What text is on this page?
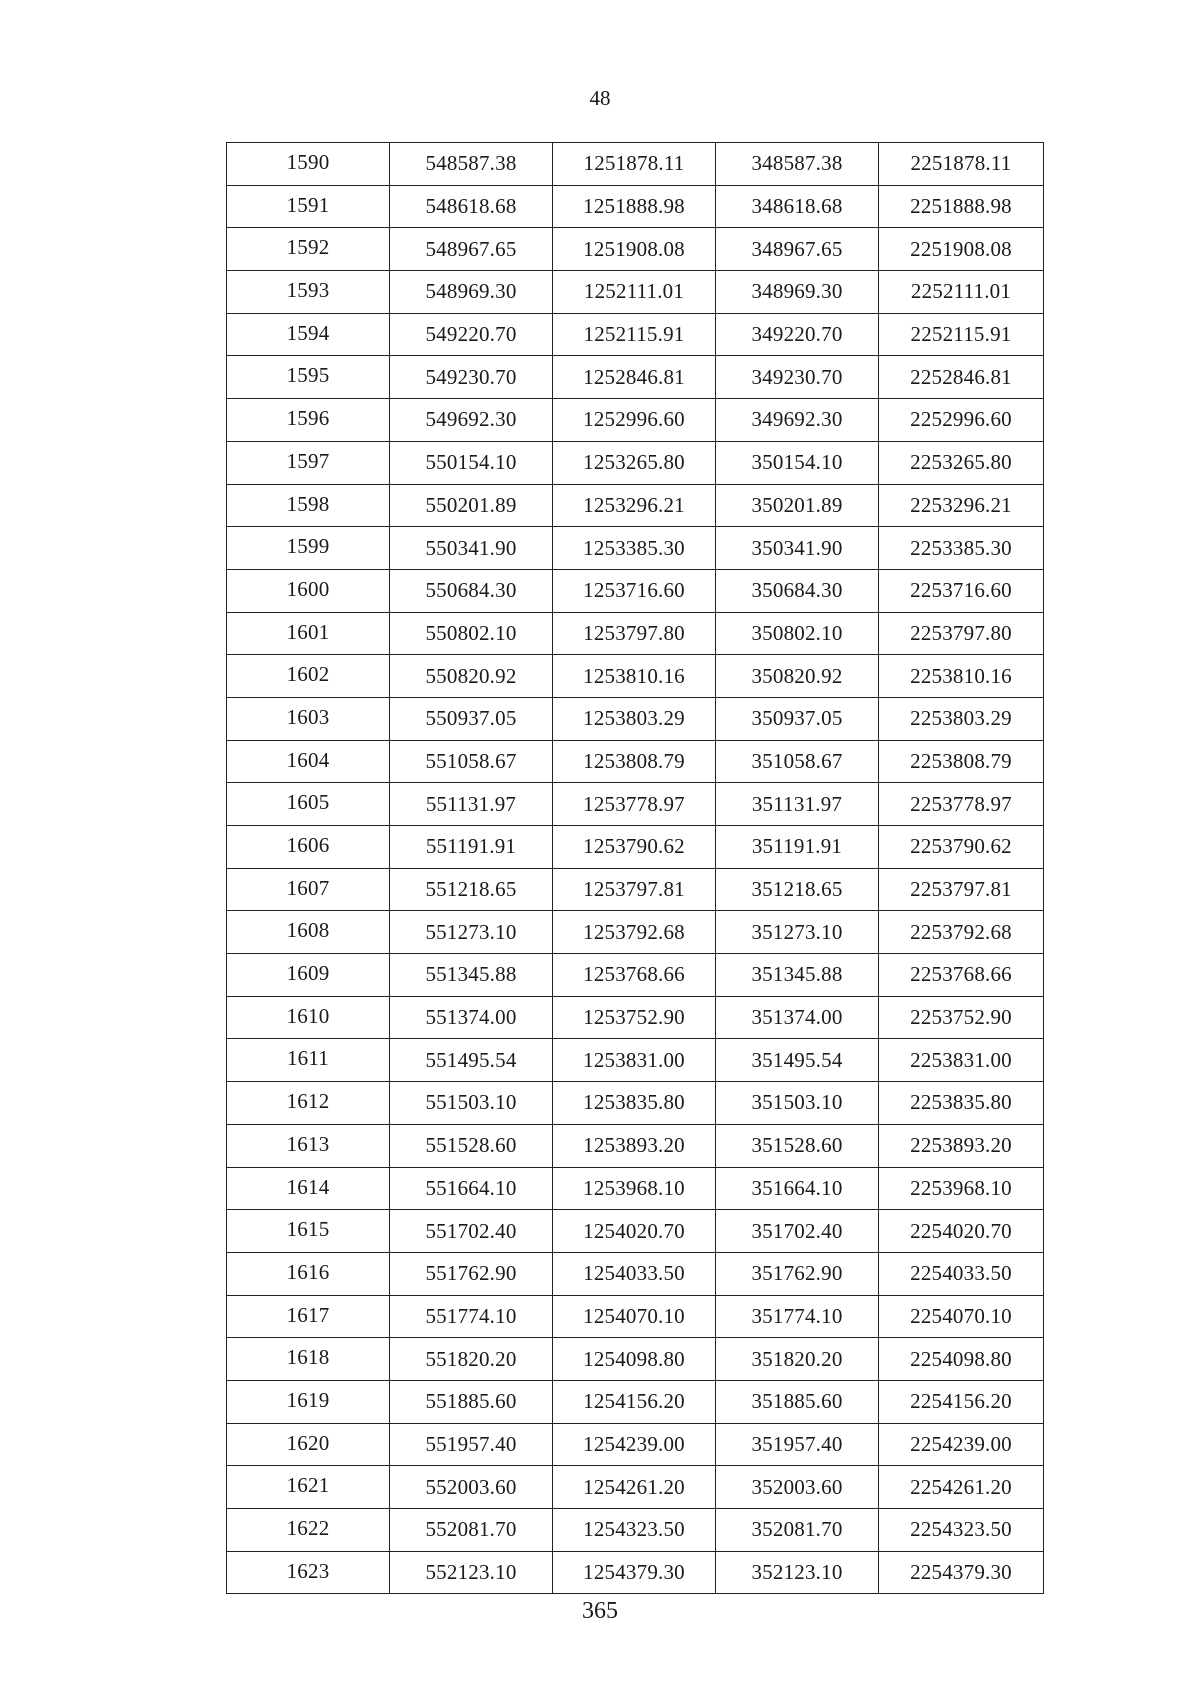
48
1590	548587.38	1251878.11	348587.38	2251878.11
1591	548618.68	1251888.98	348618.68	2251888.98
1592	548967.65	1251908.08	348967.65	2251908.08
1593	548969.30	1252111.01	348969.30	2252111.01
1594	549220.70	1252115.91	349220.70	2252115.91
1595	549230.70	1252846.81	349230.70	2252846.81
1596	549692.30	1252996.60	349692.30	2252996.60
1597	550154.10	1253265.80	350154.10	2253265.80
1598	550201.89	1253296.21	350201.89	2253296.21
1599	550341.90	1253385.30	350341.90	2253385.30
1600	550684.30	1253716.60	350684.30	2253716.60
1601	550802.10	1253797.80	350802.10	2253797.80
1602	550820.92	1253810.16	350820.92	2253810.16
1603	550937.05	1253803.29	350937.05	2253803.29
1604	551058.67	1253808.79	351058.67	2253808.79
1605	551131.97	1253778.97	351131.97	2253778.97
1606	551191.91	1253790.62	351191.91	2253790.62
1607	551218.65	1253797.81	351218.65	2253797.81
1608	551273.10	1253792.68	351273.10	2253792.68
1609	551345.88	1253768.66	351345.88	2253768.66
1610	551374.00	1253752.90	351374.00	2253752.90
1611	551495.54	1253831.00	351495.54	2253831.00
1612	551503.10	1253835.80	351503.10	2253835.80
1613	551528.60	1253893.20	351528.60	2253893.20
1614	551664.10	1253968.10	351664.10	2253968.10
1615	551702.40	1254020.70	351702.40	2254020.70
1616	551762.90	1254033.50	351762.90	2254033.50
1617	551774.10	1254070.10	351774.10	2254070.10
1618	551820.20	1254098.80	351820.20	2254098.80
1619	551885.60	1254156.20	351885.60	2254156.20
1620	551957.40	1254239.00	351957.40	2254239.00
1621	552003.60	1254261.20	352003.60	2254261.20
1622	552081.70	1254323.50	352081.70	2254323.50
1623	552123.10	1254379.30	352123.10	2254379.30
365
